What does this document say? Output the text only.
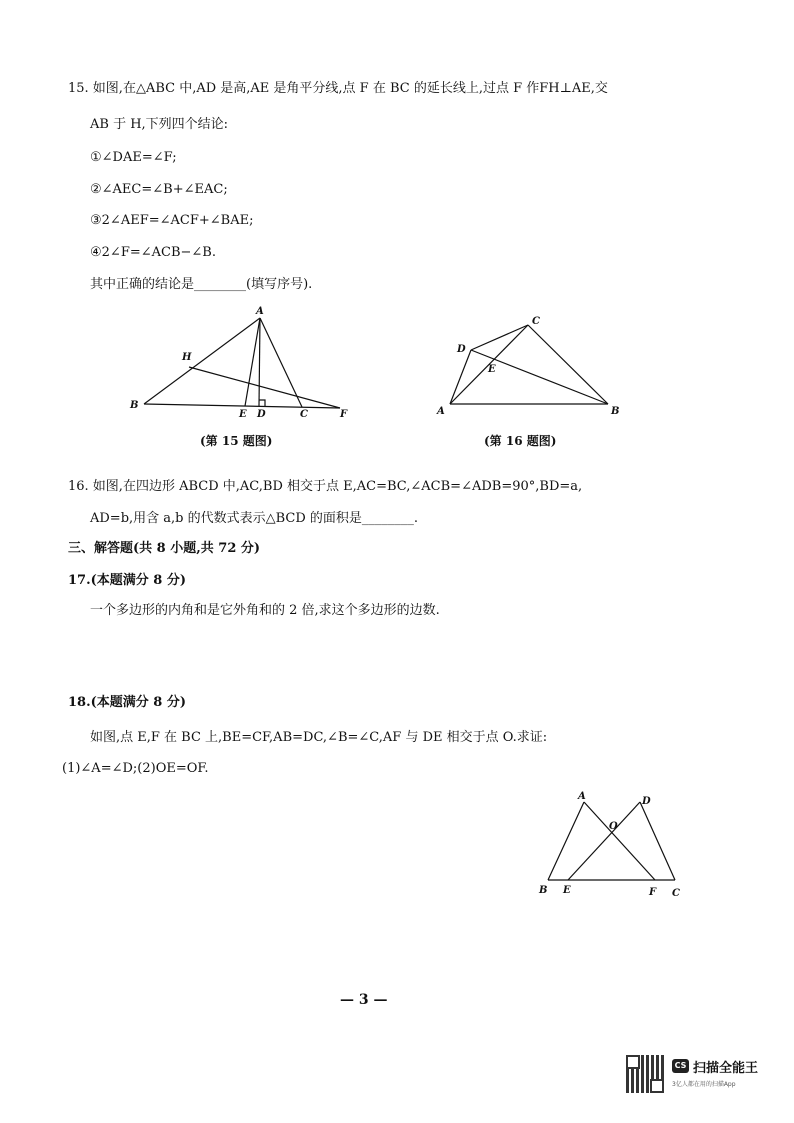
15. 如图,在△ABC 中,AD 是高,AE 是角平分线,点 F 在 BC 的延长线上,过点 F 作FH⊥AE,交
AB 于 H,下列四个结论:
①∠DAE=∠F;
②∠AEC=∠B+∠EAC;
③2∠AEF=∠ACF+∠BAE;
④2∠F=∠ACB−∠B.
其中正确的结论是________(填写序号).
A
H
B
E D	C	F
(第 15 题图)
C
D
E
A	B
(第 16 题图)
16. 如图,在四边形 ABCD 中,AC,BD 相交于点 E,AC=BC,∠ACB=∠ADB=90°,BD=a,
AD=b,用含 a,b 的代数式表示△BCD 的面积是________.
三、解答题(共 8 小题,共 72 分)
17.(本题满分 8 分)
一个多边形的内角和是它外角和的 2 倍,求这个多边形的边数.
18.(本题满分 8 分)
如图,点 E,F 在 BC 上,BE=CF,AB=DC,∠B=∠C,AF 与 DE 相交于点 O.求证:
(1)∠A=∠D;(2)OE=OF.
A	D
O
B E	F C
— 3 —
CS 扫描全能王
3亿人都在用的扫描App
